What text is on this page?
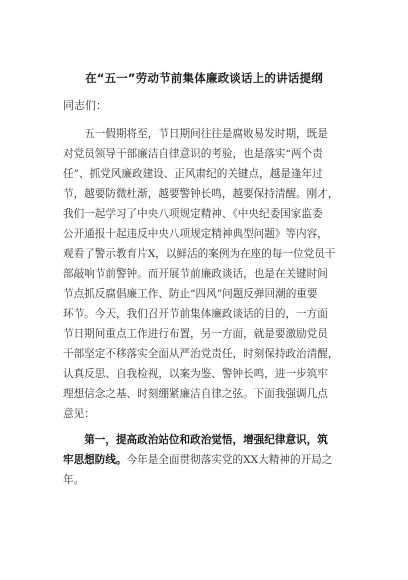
在“五一”劳动节前集体廉政谈话上的讲话提纲
同志们：
五一假期将至，节日期间往往是腐败易发时期，既是
对党员领导干部廉洁自律意识的考验，也是落实“两个责
任”、抓党风廉政建设、正风肃纪的关键点，越是逢年过
节，越要防微杜渐，越要警钟长鸣，越要保持清醒。刚才，
我们一起学习了中央八项规定精神、《中央纪委国家监委
公开通报十起违反中央八项规定精神典型问题》等内容，
观看了警示教育片X，以鲜活的案例为在座的每一位党员干
部敲响节前警钟。而开展节前廉政谈话，也是在关键时间
节点抓反腐倡廉工作、防止“四风”问题反弹回潮的重要
环节。今天，我们召开节前集体廉政谈话的目的，一方面
节日期间重点工作进行布置，另一方面，就是要激励党员
干部坚定不移落实全面从严治党责任，时刻保持政治清醒，
认真反思、自我检视，以案为鉴、警钟长鸣，进一步筑牢
理想信念之基、时刻绷紧廉洁自律之弦。下面我强调几点
意见：
第一，提高政治站位和政治觉悟，增强纪律意识，筑
牢思想防线。今年是全面贯彻落实党的XX大精神的开局之
年。
